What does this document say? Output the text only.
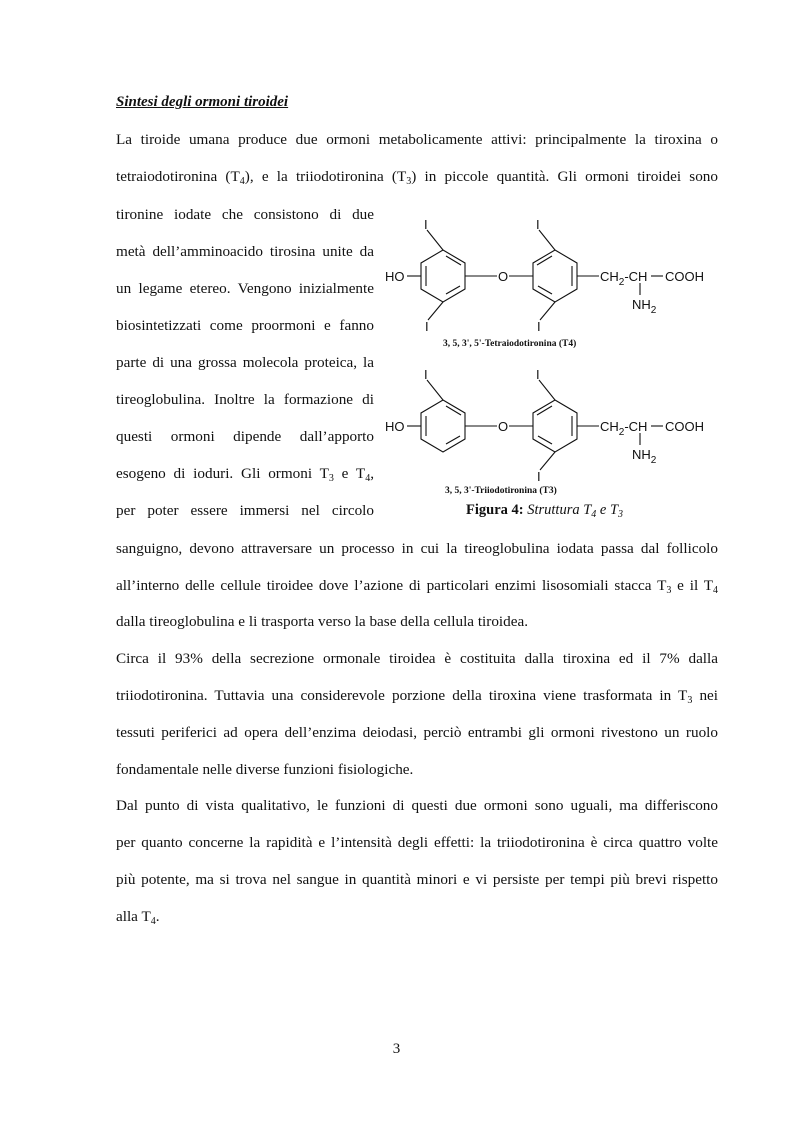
Sintesi degli ormoni tiroidei
La tiroide umana produce due ormoni metabolicamente attivi: principalmente la tiroxina o
tetraiodotironina $(T_4)$, e la triiodotironina $(T_3)$ in piccole quantità. Gli ormoni tiroidei sono
tironine iodate che consistono di due
metà dell’amminoacido tirosina unite da
un legame etereo. Vengono inizialmente
biosintetizzati come proormoni e fanno
parte di una grossa molecola proteica, la
tireoglobulina. Inoltre la formazione di
questi ormoni dipende dall’apporto
esogeno di ioduri. Gli ormoni $T_3$ e $T_4$,
per poter essere immersi nel circolo
sanguigno, devono attraversare un processo in cui la tireoglobulina iodata passa dal follicolo
all’interno delle cellule tiroidee dove l’azione di particolari enzimi lisosomiali stacca $T_3$ e il $T_4$
dalla tireoglobulina e li trasporta verso la base della cellula tiroidea.
Circa il 93% della secrezione ormonale tiroidea è costituita dalla tiroxina ed il 7% dalla
triiodotironina. Tuttavia una considerevole porzione della tiroxina viene trasformata in $T_3$ nei
tessuti periferici ad opera dell’enzima deiodasi, perciò entrambi gli ormoni rivestono un ruolo
fondamentale nelle diverse funzioni fisiologiche.
Dal punto di vista qualitativo, le funzioni di questi due ormoni sono uguali, ma differiscono
per quanto concerne la rapidità e l’intensità degli effetti: la triiodotironina è circa quattro volte
più potente, ma si trova nel sangue in quantità minori e vi persiste per tempi più brevi rispetto
alla $T_4$.
I
I
I
I
HO	O	$CH_2-CH$ COOH
$NH_2$
3, 5, 3', 5'-Tetraiodotironina (T4)
I	I
I
HO	O	$CH_2-CH$ COOH
$NH_2$
3, 5, 3'-Triiodotironina (T3)
Figura 4: Struttura $T_4$ e $T_3$
3
